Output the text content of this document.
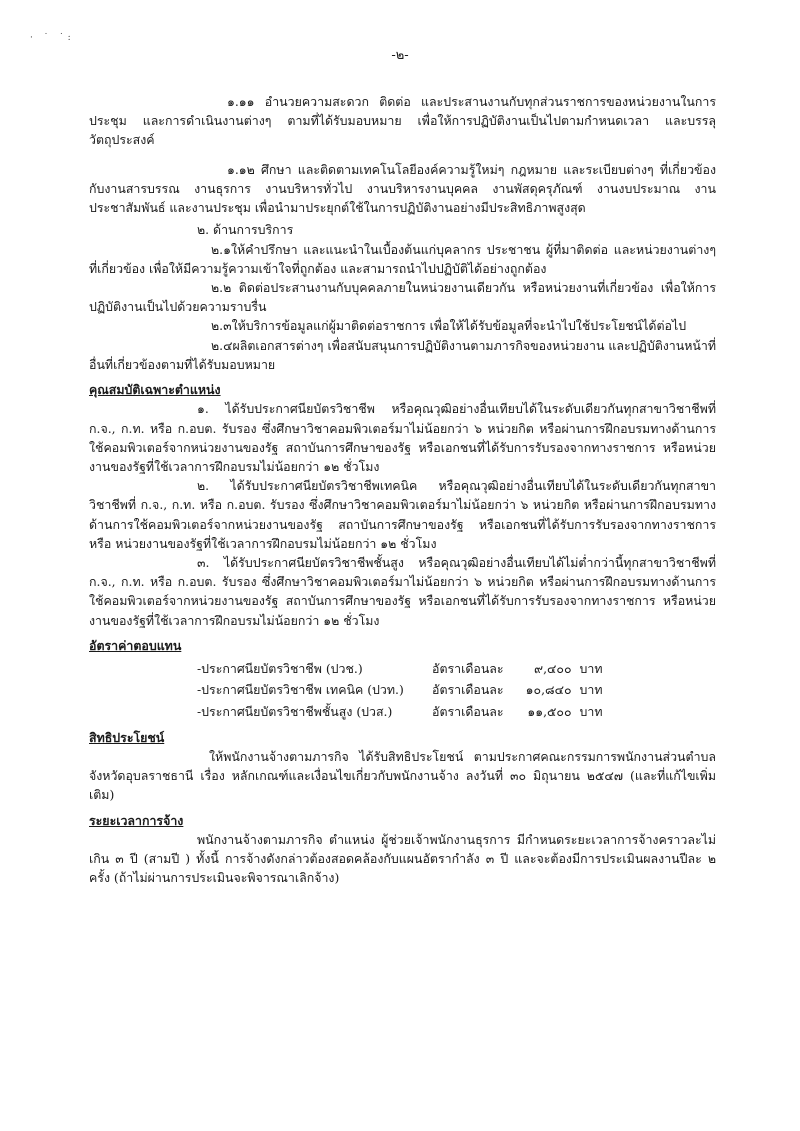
· ˙ ˙:
-๒-

๑.๑๑ อำนวยความสะดวก ติดต่อ และประสานงานกับทุกส่วนราชการของหน่วยงานในการประชุม และการดำเนินงานต่างๆ ตามที่ได้รับมอบหมาย เพื่อให้การปฏิบัติงานเป็นไปตามกำหนดเวลา และบรรลุวัตถุประสงค์

๑.๑๒ ศึกษา และติดตามเทคโนโลยีองค์ความรู้ใหม่ๆ กฎหมาย และระเบียบต่างๆ ที่เกี่ยวข้อง กับงานสารบรรณ งานธุรการ งานบริหารทั่วไป งานบริหารงานบุคคล งานพัสดุครุภัณฑ์ งานงบประมาณ งานประชาสัมพันธ์ และงานประชุม เพื่อนำมาประยุกต์ใช้ในการปฏิบัติงานอย่างมีประสิทธิภาพสูงสุด

๒. ด้านการบริการ

๒.๑ให้คำปรึกษา และแนะนำในเบื้องต้นแก่บุคลากร ประชาชน ผู้ที่มาติดต่อ และหน่วยงานต่างๆ ที่เกี่ยวข้อง เพื่อให้มีความรู้ความเข้าใจที่ถูกต้อง และสามารถนำไปปฏิบัติได้อย่างถูกต้อง

๒.๒ ติดต่อประสานงานกับบุคคลภายในหน่วยงานเดียวกัน หรือหน่วยงานที่เกี่ยวข้อง เพื่อให้การปฏิบัติงานเป็นไปด้วยความราบรื่น

๒.๓ให้บริการข้อมูลแก่ผู้มาติดต่อราชการ เพื่อให้ได้รับข้อมูลที่จะนำไปใช้ประโยชน์ได้ต่อไป

๒.๔ผลิตเอกสารต่างๆ เพื่อสนับสนุนการปฏิบัติงานตามภารกิจของหน่วยงาน และปฏิบัติงานหน้าที่อื่นที่เกี่ยวข้องตามที่ได้รับมอบหมาย

คุณสมบัติเฉพาะตำแหน่ง

๑. ได้รับประกาศนียบัตรวิชาชีพ หรือคุณวุฒิอย่างอื่นเทียบได้ในระดับเดียวกันทุกสาขาวิชาชีพที่ ก.จ., ก.ท. หรือ ก.อบต. รับรอง ซึ่งศึกษาวิชาคอมพิวเตอร์มาไม่น้อยกว่า ๖ หน่วยกิต หรือผ่านการฝึกอบรมทางด้านการใช้คอมพิวเตอร์จากหน่วยงานของรัฐ สถาบันการศึกษาของรัฐ หรือเอกชนที่ได้รับการรับรองจากทางราชการ หรือหน่วยงานของรัฐที่ใช้เวลาการฝึกอบรมไม่น้อยกว่า ๑๒ ชั่วโมง

๒. ได้รับประกาศนียบัตรวิชาชีพเทคนิค หรือคุณวุฒิอย่างอื่นเทียบได้ในระดับเดียวกันทุกสาขาวิชาชีพที่ ก.จ., ก.ท. หรือ ก.อบต. รับรอง ซึ่งศึกษาวิชาคอมพิวเตอร์มาไม่น้อยกว่า ๖ หน่วยกิต หรือผ่านการฝึกอบรมทางด้านการใช้คอมพิวเตอร์จากหน่วยงานของรัฐ สถาบันการศึกษาของรัฐ หรือเอกชนที่ได้รับการรับรองจากทางราชการ หรือ หน่วยงานของรัฐที่ใช้เวลาการฝึกอบรมไม่น้อยกว่า ๑๒ ชั่วโมง

๓. ได้รับประกาศนียบัตรวิชาชีพชั้นสูง หรือคุณวุฒิอย่างอื่นเทียบได้ไม่ต่ำกว่านี้ทุกสาขาวิชาชีพที่ ก.จ., ก.ท. หรือ ก.อบต. รับรอง ซึ่งศึกษาวิชาคอมพิวเตอร์มาไม่น้อยกว่า ๖ หน่วยกิต หรือผ่านการฝึกอบรมทางด้านการใช้คอมพิวเตอร์จากหน่วยงานของรัฐ สถาบันการศึกษาของรัฐ หรือเอกชนที่ได้รับการรับรองจากทางราชการ หรือหน่วยงานของรัฐที่ใช้เวลาการฝึกอบรมไม่น้อยกว่า ๑๒ ชั่วโมง

อัตราค่าตอบแทน

-ประกาศนียบัตรวิชาชีพ (ปวช.)	อัตราเดือนละ	๙,๔๐๐	บาท
-ประกาศนียบัตรวิชาชีพ เทคนิค (ปวท.)	อัตราเดือนละ	๑๐,๘๔๐	บาท
-ประกาศนียบัตรวิชาชีพชั้นสูง (ปวส.)	อัตราเดือนละ	๑๑,๕๐๐	บาท

สิทธิประโยชน์

ให้พนักงานจ้างตามภารกิจ ได้รับสิทธิประโยชน์ ตามประกาศคณะกรรมการพนักงานส่วนตำบลจังหวัดอุบลราชธานี เรื่อง หลักเกณฑ์และเงื่อนไขเกี่ยวกับพนักงานจ้าง ลงวันที่ ๓๐ มิถุนายน ๒๕๔๗ (และที่แก้ไขเพิ่มเติม)

ระยะเวลาการจ้าง

พนักงานจ้างตามภารกิจ ตำแหน่ง ผู้ช่วยเจ้าพนักงานธุรการ มีกำหนดระยะเวลาการจ้างคราวละไม่เกิน ๓ ปี (สามปี ) ทั้งนี้ การจ้างดังกล่าวต้องสอดคล้องกับแผนอัตรากำลัง ๓ ปี และจะต้องมีการประเมินผลงานปีละ ๒ ครั้ง (ถ้าไม่ผ่านการประเมินจะพิจารณาเลิกจ้าง)
